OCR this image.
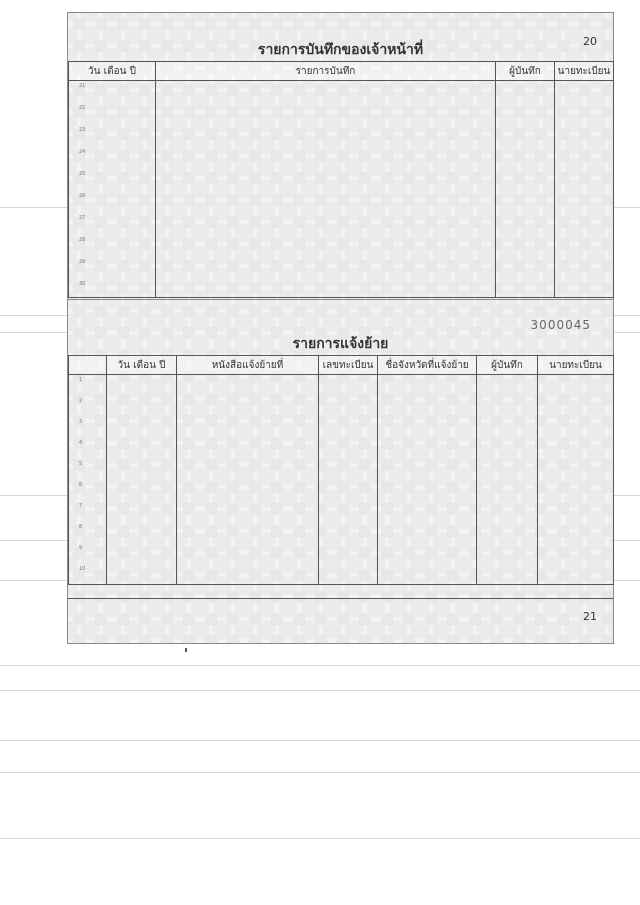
20
รายการบันทึกของเจ้าหน้าที่
วัน เดือน ปี	รายการบันทึก	ผู้บันทึก	นายทะเบียน
21			
22			
23			
24			
25			
26			
27			
28			
29			
30			
3000045
รายการแจ้งย้าย
	วัน เดือน ปี	หนังสือแจ้งย้ายที่	เลขทะเบียน	ชื่อจังหวัดที่แจ้งย้าย	ผู้บันทึก	นายทะเบียน
1						
2						
3						
4						
5						
6						
7						
8						
9						
10						
21
